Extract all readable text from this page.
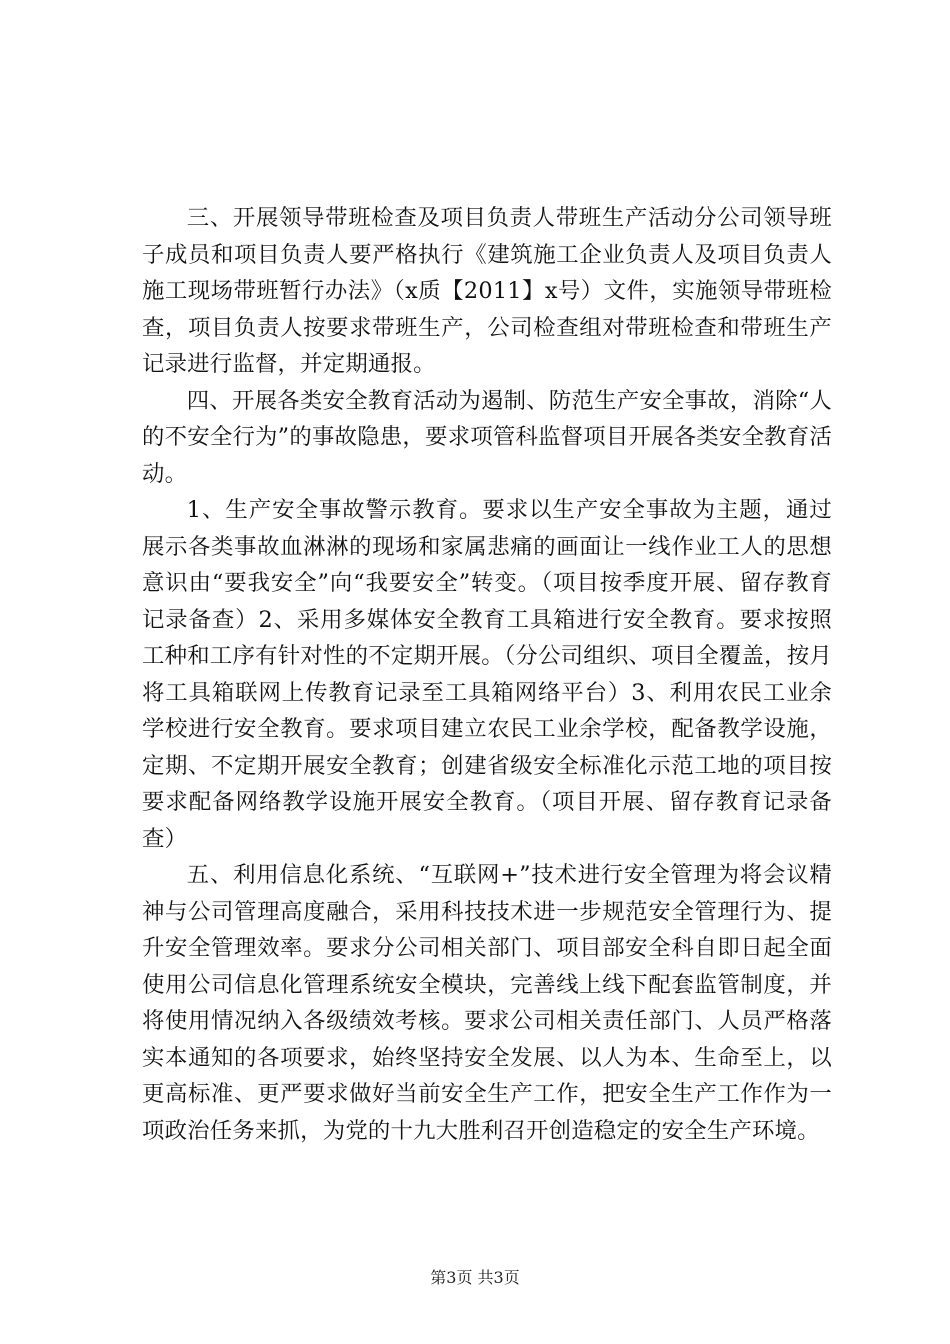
三、开展领导带班检查及项目负责人带班生产活动分公司领导班子成员和项目负责人要严格执行《建筑施工企业负责人及项目负责人施工现场带班暂行办法》（x质【2011】x号）文件，实施领导带班检查，项目负责人按要求带班生产，公司检查组对带班检查和带班生产记录进行监督，并定期通报。

四、开展各类安全教育活动为遏制、防范生产安全事故，消除“人的不安全行为”的事故隐患，要求项管科监督项目开展各类安全教育活动。

1、生产安全事故警示教育。要求以生产安全事故为主题，通过展示各类事故血淋淋的现场和家属悲痛的画面让一线作业工人的思想意识由“要我安全”向“我要安全”转变。（项目按季度开展、留存教育记录备查）2、采用多媒体安全教育工具箱进行安全教育。要求按照工种和工序有针对性的不定期开展。（分公司组织、项目全覆盖，按月将工具箱联网上传教育记录至工具箱网络平台）3、利用农民工业余学校进行安全教育。要求项目建立农民工业余学校，配备教学设施，定期、不定期开展安全教育；创建省级安全标准化示范工地的项目按要求配备网络教学设施开展安全教育。（项目开展、留存教育记录备查）

五、利用信息化系统、“互联网+”技术进行安全管理为将会议精神与公司管理高度融合，采用科技技术进一步规范安全管理行为、提升安全管理效率。要求分公司相关部门、项目部安全科自即日起全面使用公司信息化管理系统安全模块，完善线上线下配套监管制度，并将使用情况纳入各级绩效考核。要求公司相关责任部门、人员严格落实本通知的各项要求，始终坚持安全发展、以人为本、生命至上，以更高标准、更严要求做好当前安全生产工作，把安全生产工作作为一项政治任务来抓，为党的十九大胜利召开创造稳定的安全生产环境。

第3页 共3页
